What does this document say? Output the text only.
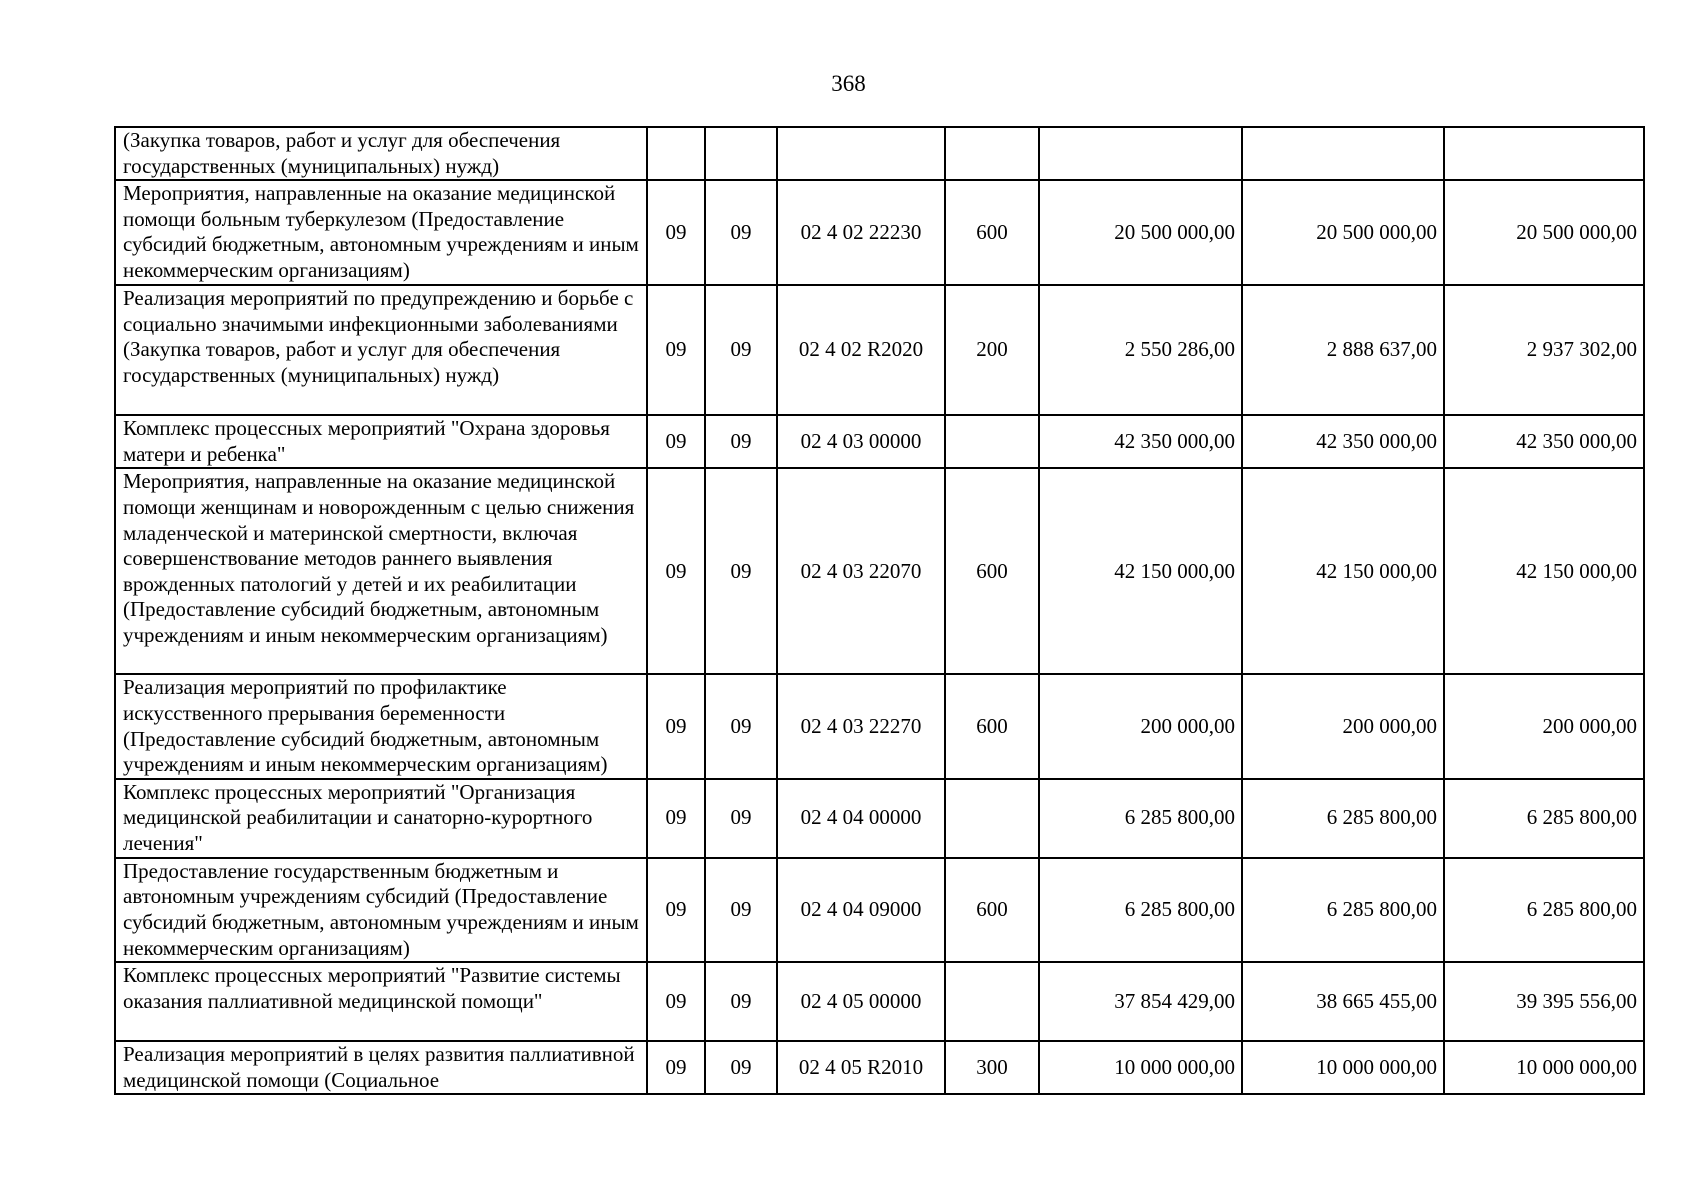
368
(Закупка товаров, работ и услуг для обеспечения государственных (муниципальных) нужд)							
Мероприятия, направленные на оказание медицинской помощи больным туберкулезом (Предоставление субсидий бюджетным, автономным учреждениям и иным некоммерческим организациям)	09	09	02 4 02 22230	600	20 500 000,00	20 500 000,00	20 500 000,00
Реализация мероприятий по предупреждению и борьбе с социально значимыми инфекционными заболеваниями (Закупка товаров, работ и услуг для обеспечения государственных (муниципальных) нужд)	09	09	02 4 02 R2020	200	2 550 286,00	2 888 637,00	2 937 302,00
Комплекс процессных мероприятий "Охрана здоровья матери и ребенка"	09	09	02 4 03 00000		42 350 000,00	42 350 000,00	42 350 000,00
Мероприятия, направленные на оказание медицинской помощи женщинам и новорожденным с целью снижения младенческой и материнской смертности, включая совершенствование методов раннего выявления врожденных патологий у детей и их реабилитации (Предоставление субсидий бюджетным, автономным учреждениям и иным некоммерческим организациям)	09	09	02 4 03 22070	600	42 150 000,00	42 150 000,00	42 150 000,00
Реализация мероприятий по профилактике искусственного прерывания беременности (Предоставление субсидий бюджетным, автономным учреждениям и иным некоммерческим организациям)	09	09	02 4 03 22270	600	200 000,00	200 000,00	200 000,00
Комплекс процессных мероприятий "Организация медицинской реабилитации и санаторно-курортного лечения"	09	09	02 4 04 00000		6 285 800,00	6 285 800,00	6 285 800,00
Предоставление государственным бюджетным и автономным учреждениям субсидий (Предоставление субсидий бюджетным, автономным учреждениям и иным некоммерческим организациям)	09	09	02 4 04 09000	600	6 285 800,00	6 285 800,00	6 285 800,00
Комплекс процессных мероприятий "Развитие системы оказания паллиативной медицинской помощи"	09	09	02 4 05 00000		37 854 429,00	38 665 455,00	39 395 556,00
Реализация мероприятий в целях развития паллиативной медицинской помощи (Социальное	09	09	02 4 05 R2010	300	10 000 000,00	10 000 000,00	10 000 000,00
